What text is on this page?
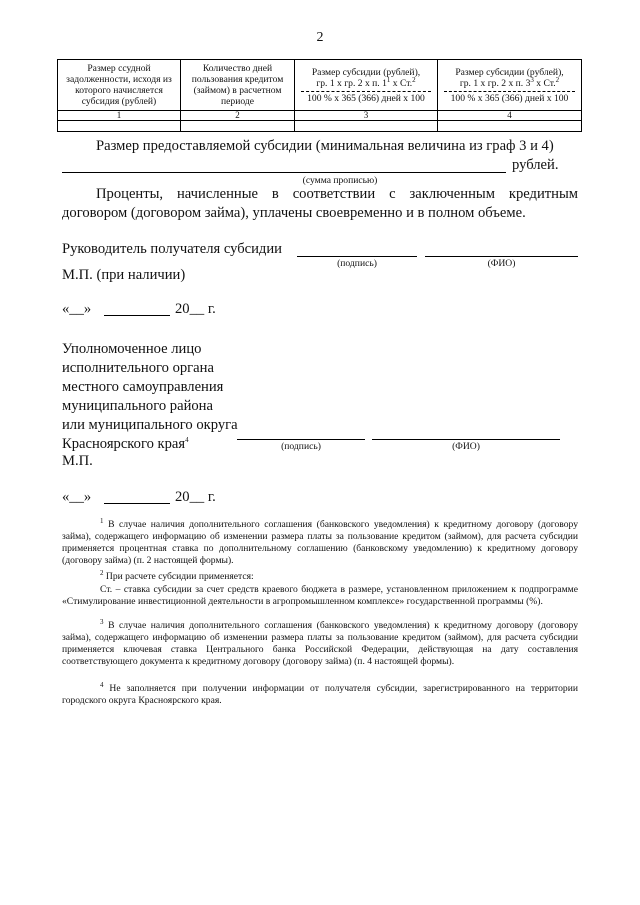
2
Размер ссудной задолженности, исходя из которого начисляется субсидия (рублей)	Количество дней пользования кредитом (займом) в расчетном периоде	Размер субсидии (рублей),
гр. 1 х гр. 2 х п. $1^1$ х Ст.$^2$
100 % х 365 (366) дней х 100	Размер субсидии (рублей),
гр. 1 х гр. 2 х п. $3^3$ х Ст.$^2$
100 % х 365 (366) дней х 100
1	2	3	4

Размер предоставляемой субсидии (минимальная величина из граф 3 и 4)
рублей.
(сумма прописью)
Проценты, начисленные в соответствии с заключенным кредитным договором (договором займа), уплачены своевременно и в полном объеме.
Руководитель получателя субсидии
(подпись)	(ФИО)
М.П. (при наличии)
«__»	20__ г.
Уполномоченное лицо
исполнительного органа
местного самоуправления
муниципального района
или муниципального округа
Красноярского края$^4$
(подпись)	(ФИО)
М.П.
«__»	20__ г.
$^1$ В случае наличия дополнительного соглашения (банковского уведомления) к кредитному договору (договору займа), содержащего информацию об изменении размера платы за пользование кредитом (займом), для расчета субсидии применяется процентная ставка по дополнительному соглашению (банковскому уведомлению) к кредитному договору (договору займа) (п. 2 настоящей формы).
$^2$ При расчете субсидии применяется:
Ст. – ставка субсидии за счет средств краевого бюджета в размере, установленном приложением к подпрограмме «Стимулирование инвестиционной деятельности в агропромышленном комплексе» государственной программы (%).
$^3$ В случае наличия дополнительного соглашения (банковского уведомления) к кредитному договору (договору займа), содержащего информацию об изменении размера платы за пользование кредитом (займом), для расчета субсидии применяется ключевая ставка Центрального банка Российской Федерации, действующая на дату составления соответствующего документа к кредитному договору (договору займа) (п. 4 настоящей формы).
$^4$ Не заполняется при получении информации от получателя субсидии, зарегистрированного на территории городского округа Красноярского края.
